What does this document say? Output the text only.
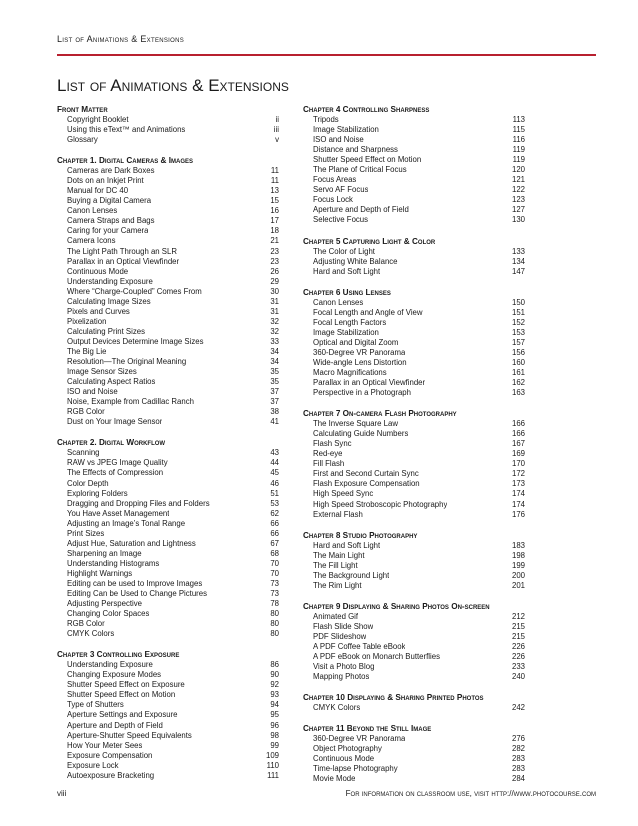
List of Animations & Extensions
List of Animations & Extensions
Front Matter
Copyright Booklet	ii
Using this eText™ and Animations	iii
Glossary	v
Chapter 1. Digital Cameras & Images
Cameras are Dark Boxes	11
Dots on an Inkjet Print	11
Manual for DC 40	13
Buying a Digital Camera	15
Canon Lenses	16
Camera Straps and Bags	17
Caring for your Camera	18
Camera Icons	21
The Light Path Through an SLR	23
Parallax in an Optical Viewfinder	23
Continuous Mode	26
Understanding Exposure	29
Where “Charge-Coupled” Comes From	30
Calculating Image Sizes	31
Pixels and Curves	31
Pixelization	32
Calculating Print Sizes	32
Output Devices Determine Image Sizes	33
The Big Lie	34
Resolution—The Original Meaning	34
Image Sensor Sizes	35
Calculating Aspect Ratios	35
ISO and Noise	37
Noise, Example from Cadillac Ranch	37
RGB Color	38
Dust on Your Image Sensor	41
Chapter 2. Digital Workflow
Scanning	43
RAW vs JPEG Image Quality	44
The Effects of Compression	45
Color Depth	46
Exploring Folders	51
Dragging and Dropping Files and Folders	53
You Have Asset Management	62
Adjusting an Image’s Tonal Range	66
Print Sizes	66
Adjust Hue, Saturation and Lightness	67
Sharpening an Image	68
Understanding Histograms	70
Highlight Warnings	70
Editing can be used to Improve Images	73
Editing Can be Used to Change Pictures	73
Adjusting Perspective	78
Changing Color Spaces	80
RGB Color	80
CMYK Colors	80
Chapter 3 Controlling Exposure
Understanding Exposure	86
Changing Exposure Modes	90
Shutter Speed Effect on Exposure	92
Shutter Speed Effect on Motion	93
Type of Shutters	94
Aperture Settings and Exposure	95
Aperture and Depth of Field	96
Aperture-Shutter Speed Equivalents	98
How Your Meter Sees	99
Exposure Compensation	109
Exposure Lock	110
Autoexposure Bracketing	111
Chapter 4 Controlling Sharpness
Tripods	113
Image Stabilization	115
ISO and Noise	116
Distance and Sharpness	119
Shutter Speed Effect on Motion	119
The Plane of Critical Focus	120
Focus Areas	121
Servo AF Focus	122
Focus Lock	123
Aperture and Depth of Field	127
Selective Focus	130
Chapter 5 Capturing Light & Color
The Color of Light	133
Adjusting White Balance	134
Hard and Soft Light	147
Chapter 6 Using Lenses
Canon Lenses	150
Focal Length and Angle of View	151
Focal Length Factors	152
Image Stabilization	153
Optical and Digital Zoom	157
360-Degree VR Panorama	156
Wide-angle Lens Distortion	160
Macro Magnifications	161
Parallax in an Optical Viewfinder	162
Perspective in a Photograph	163
Chapter 7 On-camera Flash Photography
The Inverse Square Law	166
Calculating Guide Numbers	166
Flash Sync	167
Red-eye	169
Fill Flash	170
First and Second Curtain Sync	172
Flash Exposure Compensation	173
High Speed Sync	174
High Speed Stroboscopic Photography	174
External Flash	176
Chapter 8 Studio Photography
Hard and Soft Light	183
The Main Light	198
The Fill Light	199
The Background Light	200
The Rim Light	201
Chapter 9 Displaying & Sharing Photos On-screen
Animated Gif	212
Flash Slide Show	215
PDF Slideshow	215
A PDF Coffee Table eBook	226
A PDF eBook on Monarch Butterflies	226
Visit a Photo Blog	233
Mapping Photos	240
Chapter 10 Displaying & Sharing Printed Photos
CMYK Colors	242
Chapter 11 Beyond the Still Image
360-Degree VR Panorama	276
Object Photography	282
Continuous Mode	283
Time-lapse Photography	283
Movie Mode	284
viii	For information on classroom use, visit http://www.photocourse.com
